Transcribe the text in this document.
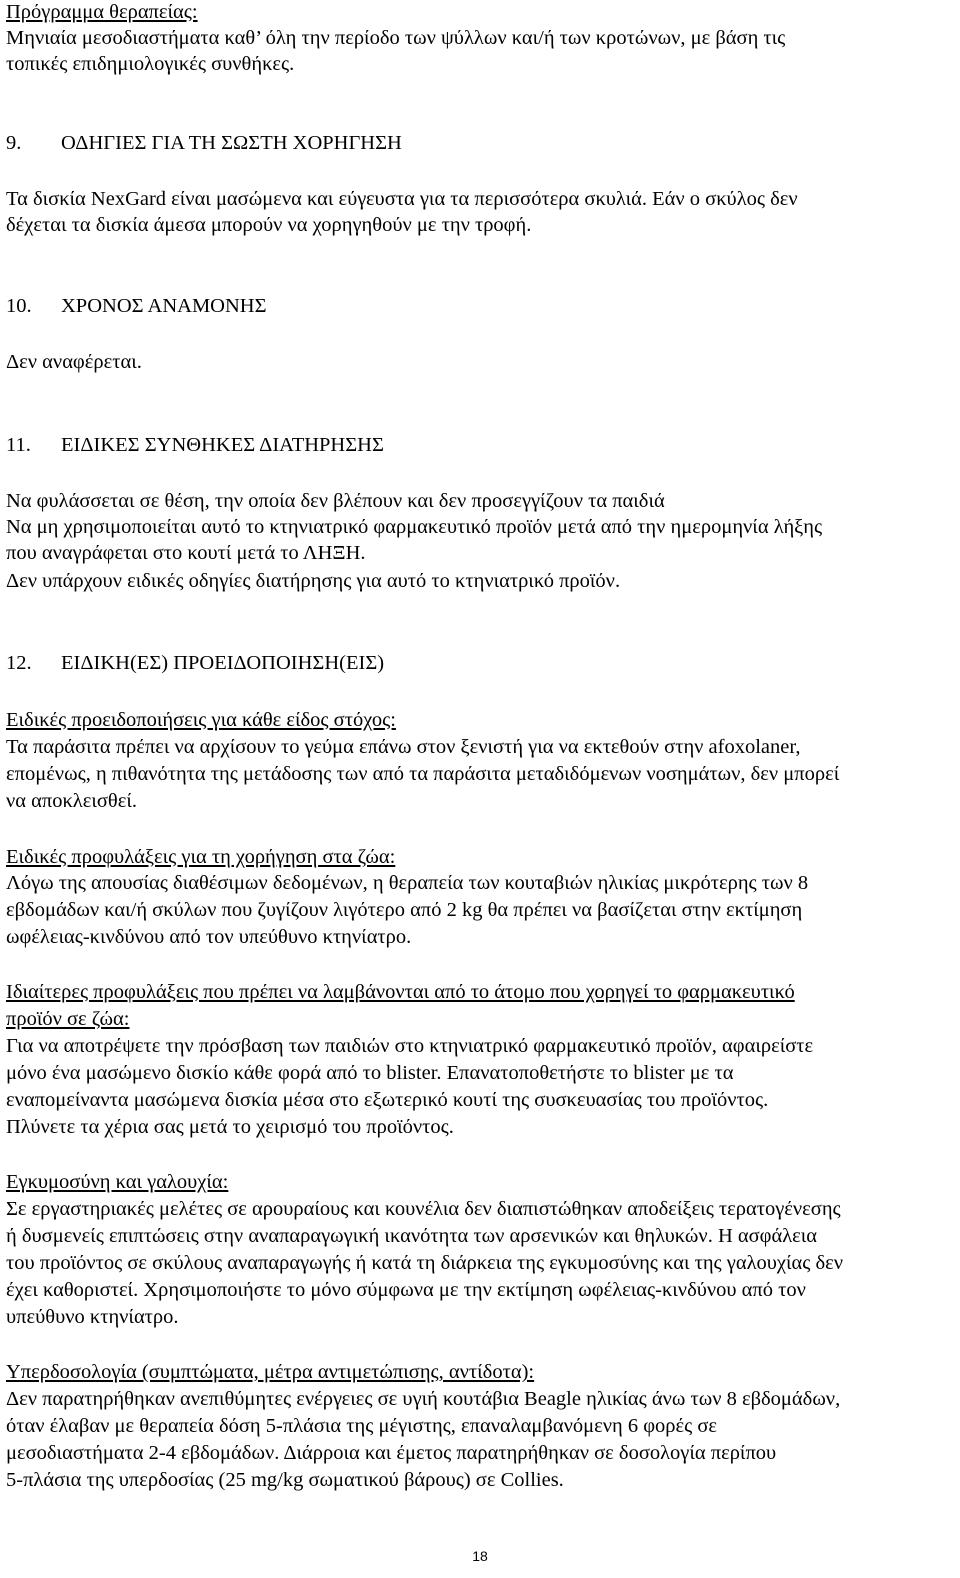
Πρόγραμμα θεραπείας:
Μηνιαία μεσοδιαστήματα καθ’ όλη την περίοδο των ψύλλων και/ή των κροτώνων, με βάση τις
τοπικές επιδημιολογικές συνθήκες.
9. ΟΔΗΓΙΕΣ ΓΙΑ ΤΗ ΣΩΣΤΗ ΧΟΡΗΓΗΣΗ
Τα δισκία NexGard είναι μασώμενα και εύγευστα για τα περισσότερα σκυλιά. Εάν ο σκύλος δεν
δέχεται τα δισκία άμεσα μπορούν να χορηγηθούν με την τροφή.
10. ΧΡΟΝΟΣ ΑΝΑΜΟΝΗΣ
Δεν αναφέρεται.
11. ΕΙΔΙΚΕΣ ΣΥΝΘΗΚΕΣ ΔΙΑΤΗΡΗΣΗΣ
Να φυλάσσεται σε θέση, την οποία δεν βλέπουν και δεν προσεγγίζουν τα παιδιά
Να μη χρησιμοποιείται αυτό το κτηνιατρικό φαρμακευτικό προϊόν μετά από την ημερομηνία λήξης
που αναγράφεται στο κουτί μετά το ΛΗΞΗ.
Δεν υπάρχουν ειδικές οδηγίες διατήρησης για αυτό το κτηνιατρικό προϊόν.
12. ΕΙΔΙΚΗ(ΕΣ) ΠΡΟΕΙΔΟΠΟΙΗΣΗ(ΕΙΣ)
Ειδικές προειδοποιήσεις για κάθε είδος στόχος:
Τα παράσιτα πρέπει να αρχίσουν το γεύμα επάνω στον ξενιστή για να εκτεθούν στην afoxolaner,
επομένως, η πιθανότητα της μετάδοσης των από τα παράσιτα μεταδιδόμενων νοσημάτων, δεν μπορεί
να αποκλεισθεί.
Ειδικές προφυλάξεις για τη χορήγηση στα ζώα:
Λόγω της απουσίας διαθέσιμων δεδομένων, η θεραπεία των κουταβιών ηλικίας μικρότερης των 8
εβδομάδων και/ή σκύλων που ζυγίζουν λιγότερο από 2 kg θα πρέπει να βασίζεται στην εκτίμηση
ωφέλειας-κινδύνου από τον υπεύθυνο κτηνίατρο.
Ιδιαίτερες προφυλάξεις που πρέπει να λαμβάνονται από το άτομο που χορηγεί το φαρμακευτικό
προϊόν σε ζώα:
Για να αποτρέψετε την πρόσβαση των παιδιών στο κτηνιατρικό φαρμακευτικό προϊόν, αφαιρείστε
μόνο ένα μασώμενο δισκίο κάθε φορά από το blister. Επανατοποθετήστε το blister με τα
εναπομείναντα μασώμενα δισκία μέσα στο εξωτερικό κουτί της συσκευασίας του προϊόντος.
Πλύνετε τα χέρια σας μετά το χειρισμό του προϊόντος.
Εγκυμοσύνη και γαλουχία:
Σε εργαστηριακές μελέτες σε αρουραίους και κουνέλια δεν διαπιστώθηκαν αποδείξεις τερατογένεσης
ή δυσμενείς επιπτώσεις στην αναπαραγωγική ικανότητα των αρσενικών και θηλυκών. Η ασφάλεια
του προϊόντος σε σκύλους αναπαραγωγής ή κατά τη διάρκεια της εγκυμοσύνης και της γαλουχίας δεν
έχει καθοριστεί. Χρησιμοποιήστε το μόνο σύμφωνα με την εκτίμηση ωφέλειας-κινδύνου από τον
υπεύθυνο κτηνίατρο.
Υπερδοσολογία (συμπτώματα, μέτρα αντιμετώπισης, αντίδοτα):
Δεν παρατηρήθηκαν ανεπιθύμητες ενέργειες σε υγιή κουτάβια Beagle ηλικίας άνω των 8 εβδομάδων,
όταν έλαβαν με θεραπεία δόση 5-πλάσια της μέγιστης, επαναλαμβανόμενη 6 φορές σε
μεσοδιαστήματα 2-4 εβδομάδων. Διάρροια και έμετος παρατηρήθηκαν σε δοσολογία περίπου
5-πλάσια της υπερδοσίας (25 mg/kg σωματικού βάρους) σε Collies.
18
